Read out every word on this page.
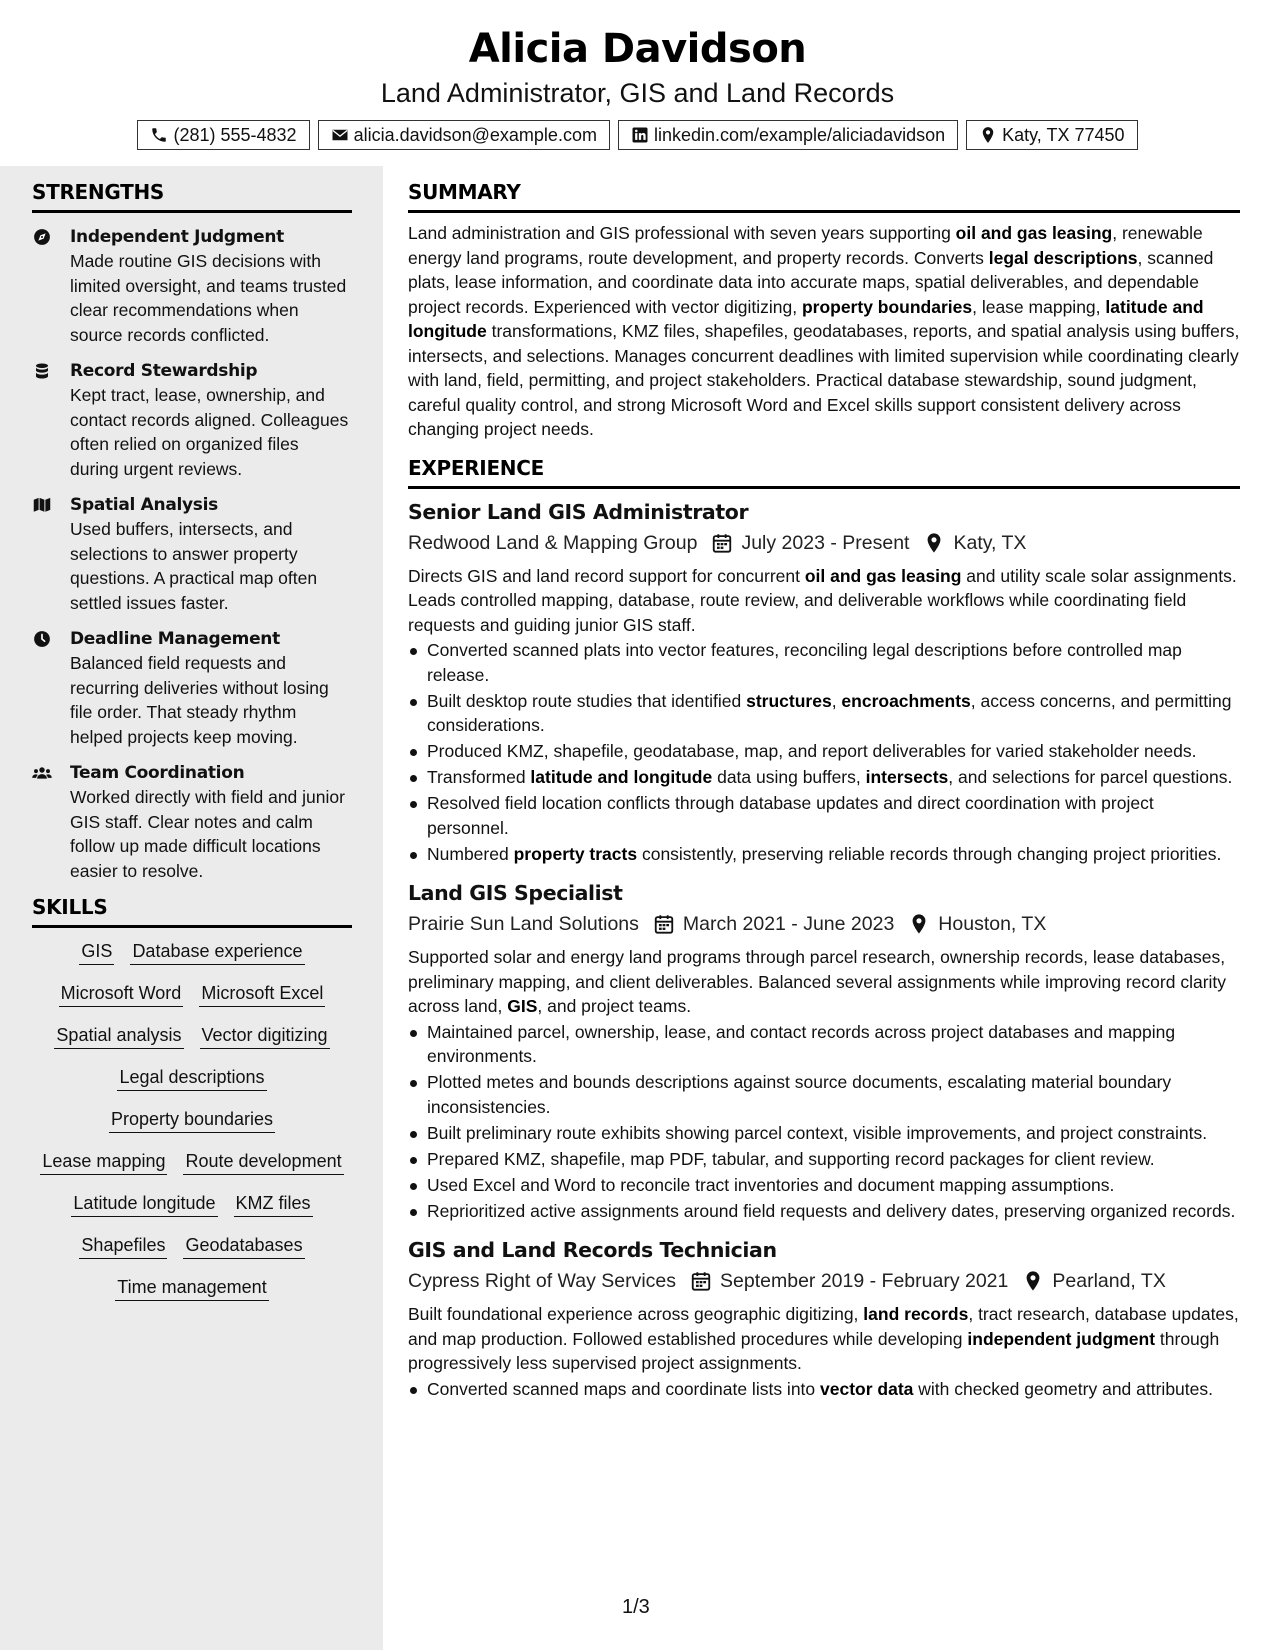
Alicia Davidson
Land Administrator, GIS and Land Records
(281) 555-4832	alicia.davidson@example.com	linkedin.com/example/aliciadavidson	Katy, TX 77450
STRENGTHS
Independent Judgment
Made routine GIS decisions with limited oversight, and teams trusted clear recommendations when source records conflicted.
Record Stewardship
Kept tract, lease, ownership, and contact records aligned. Colleagues often relied on organized files during urgent reviews.
Spatial Analysis
Used buffers, intersects, and selections to answer property questions. A practical map often settled issues faster.
Deadline Management
Balanced field requests and recurring deliveries without losing file order. That steady rhythm helped projects keep moving.
Team Coordination
Worked directly with field and junior GIS staff. Clear notes and calm follow up made difficult locations easier to resolve.
SKILLS
GIS Database experience
Microsoft Word Microsoft Excel
Spatial analysis Vector digitizing
Legal descriptions
Property boundaries
Lease mapping Route development
Latitude longitude KMZ files
Shapefiles Geodatabases
Time management
SUMMARY
Land administration and GIS professional with seven years supporting oil and gas leasing, renewable energy land programs, route development, and property records. Converts legal descriptions, scanned plats, lease information, and coordinate data into accurate maps, spatial deliverables, and dependable project records. Experienced with vector digitizing, property boundaries, lease mapping, latitude and longitude transformations, KMZ files, shapefiles, geodatabases, reports, and spatial analysis using buffers, intersects, and selections. Manages concurrent deadlines with limited supervision while coordinating clearly with land, field, permitting, and project stakeholders. Practical database stewardship, sound judgment, careful quality control, and strong Microsoft Word and Excel skills support consistent delivery across changing project needs.
EXPERIENCE
Senior Land GIS Administrator
Redwood Land & Mapping Group July 2023 - Present Katy, TX
Directs GIS and land record support for concurrent oil and gas leasing and utility scale solar assignments. Leads controlled mapping, database, route review, and deliverable workflows while coordinating field requests and guiding junior GIS staff.
Converted scanned plats into vector features, reconciling legal descriptions before controlled map release.
Built desktop route studies that identified structures, encroachments, access concerns, and permitting considerations.
Produced KMZ, shapefile, geodatabase, map, and report deliverables for varied stakeholder needs.
Transformed latitude and longitude data using buffers, intersects, and selections for parcel questions.
Resolved field location conflicts through database updates and direct coordination with project personnel.
Numbered property tracts consistently, preserving reliable records through changing project priorities.
Land GIS Specialist
Prairie Sun Land Solutions March 2021 - June 2023 Houston, TX
Supported solar and energy land programs through parcel research, ownership records, lease databases, preliminary mapping, and client deliverables. Balanced several assignments while improving record clarity across land, GIS, and project teams.
Maintained parcel, ownership, lease, and contact records across project databases and mapping environments.
Plotted metes and bounds descriptions against source documents, escalating material boundary inconsistencies.
Built preliminary route exhibits showing parcel context, visible improvements, and project constraints.
Prepared KMZ, shapefile, map PDF, tabular, and supporting record packages for client review.
Used Excel and Word to reconcile tract inventories and document mapping assumptions.
Reprioritized active assignments around field requests and delivery dates, preserving organized records.
GIS and Land Records Technician
Cypress Right of Way Services September 2019 - February 2021 Pearland, TX
Built foundational experience across geographic digitizing, land records, tract research, database updates, and map production. Followed established procedures while developing independent judgment through progressively less supervised project assignments.
Converted scanned maps and coordinate lists into vector data with checked geometry and attributes.
1/3
